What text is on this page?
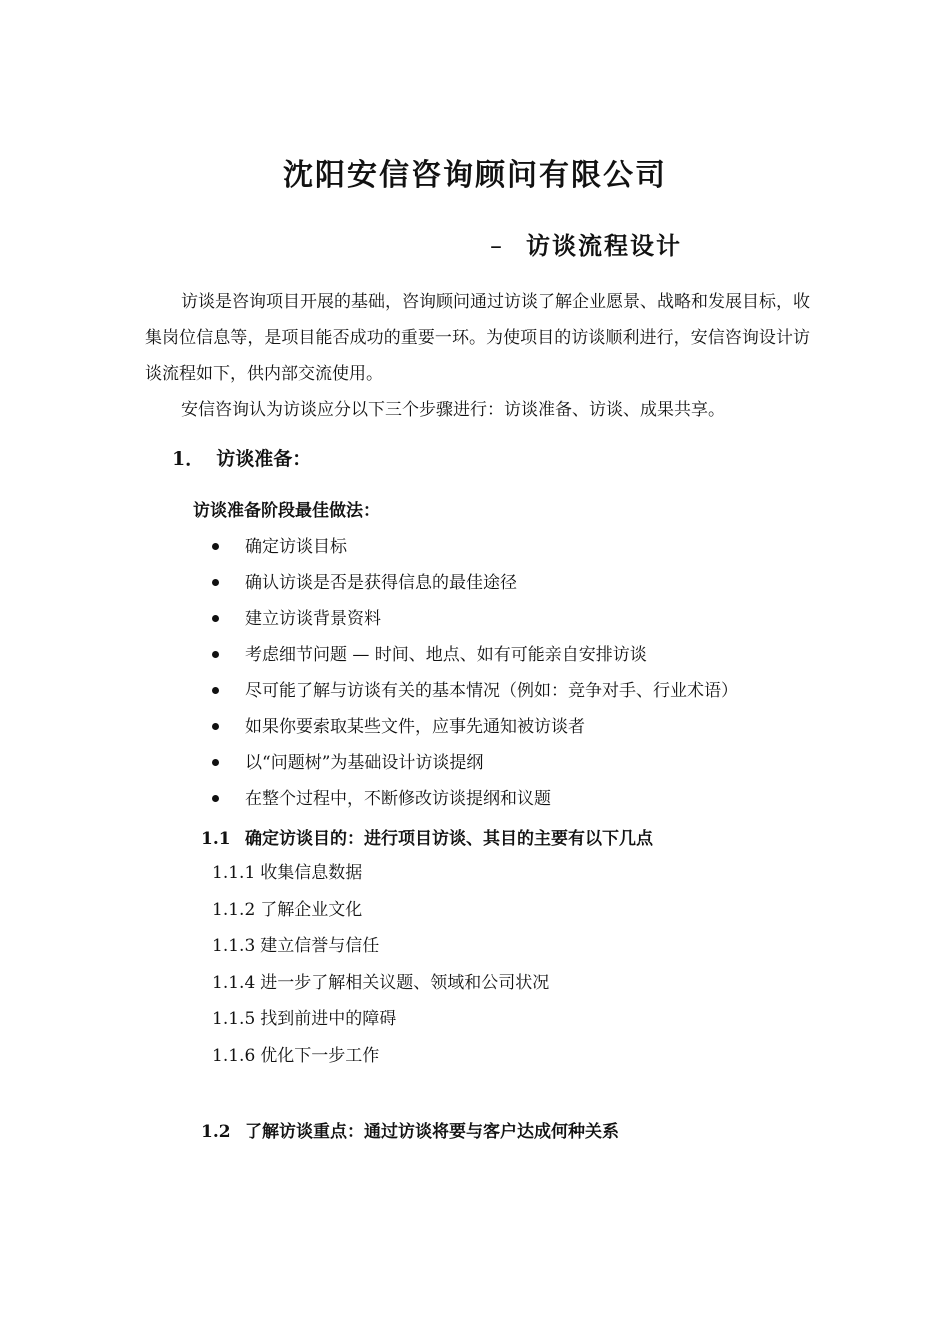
沈阳安信咨询顾问有限公司
– 访谈流程设计

访谈是咨询项目开展的基础，咨询顾问通过访谈了解企业愿景、战略和发展目标，收集岗位信息等，是项目能否成功的重要一环。为使项目的访谈顺利进行，安信咨询设计访谈流程如下，供内部交流使用。

安信咨询认为访谈应分以下三个步骤进行：访谈准备、访谈、成果共享。

1． 访谈准备：

访谈准备阶段最佳做法：

确定访谈目标
确认访谈是否是获得信息的最佳途径
建立访谈背景资料
考虑细节问题 — 时间、地点、如有可能亲自安排访谈
尽可能了解与访谈有关的基本情况（例如：竞争对手、行业术语）
如果你要索取某些文件，应事先通知被访谈者
以“问题树”为基础设计访谈提纲
在整个过程中，不断修改访谈提纲和议题
1.1 确定访谈目的：进行项目访谈、其目的主要有以下几点
1.1.1 收集信息数据
1.1.2 了解企业文化
1.1.3 建立信誉与信任
1.1.4 进一步了解相关议题、领域和公司状况
1.1.5 找到前进中的障碍
1.1.6 优化下一步工作
1.2 了解访谈重点：通过访谈将要与客户达成何种关系
